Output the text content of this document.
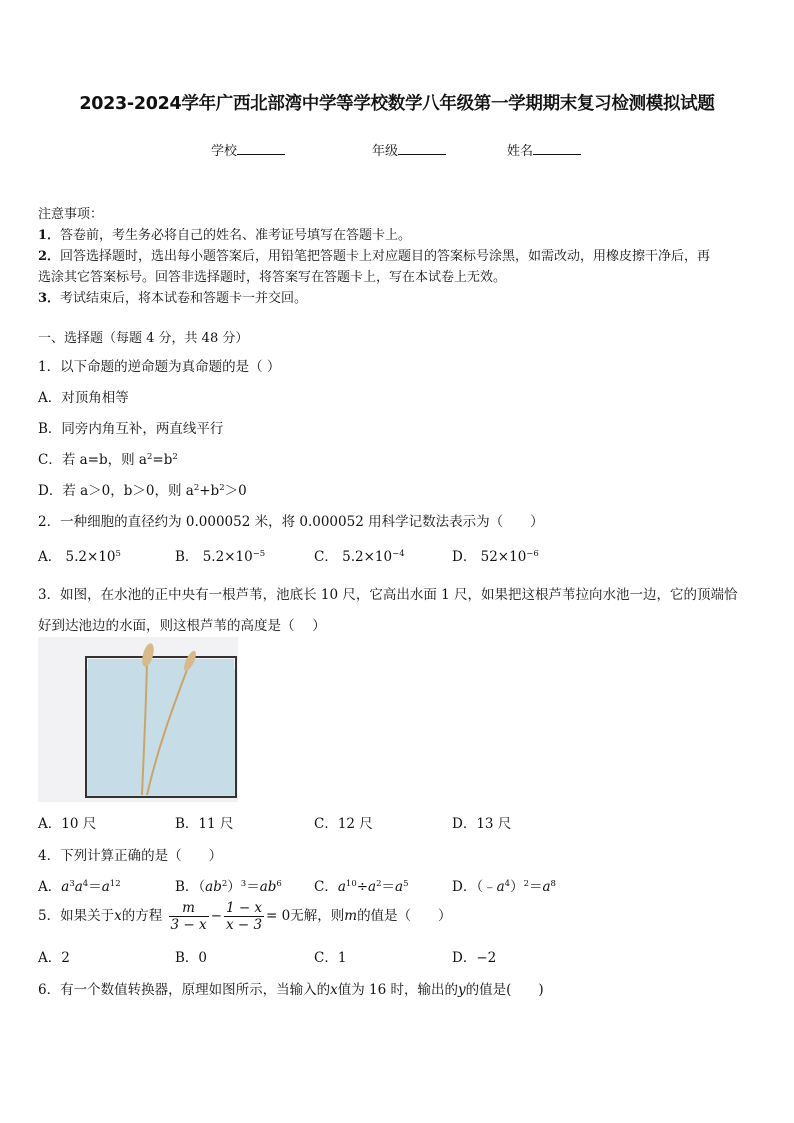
2023-2024学年广西北部湾中学等学校数学八年级第一学期期末复习检测模拟试题
学校	年级	姓名
注意事项：
1．答卷前，考生务必将自己的姓名、准考证号填写在答题卡上。
2．回答选择题时，选出每小题答案后，用铅笔把答题卡上对应题目的答案标号涂黑，如需改动，用橡皮擦干净后，再
选涂其它答案标号。回答非选择题时，将答案写在答题卡上，写在本试卷上无效。
3．考试结束后，将本试卷和答题卡一并交回。
一、选择题（每题 4 分，共 48 分）
1．以下命题的逆命题为真命题的是（ ）
A．对顶角相等
B．同旁内角互补，两直线平行
C．若 a=b，则 $a^2=b^2$
D．若 a＞0，b＞0，则 $a^2+b^2>0$
2．一种细胞的直径约为 0.000052 米，将 0.000052 用科学记数法表示为（　　）
A． $5.2\times 10^5$	B． $5.2\times 10^{-5}$	C． $5.2\times 10^{-4}$	D． $52\times 10^{-6}$
3．如图，在水池的正中央有一根芦苇，池底长 10 尺，它高出水面 1 尺，如果把这根芦苇拉向水池一边，它的顶端恰
好到达池边的水面，则这根芦苇的高度是（　 ）
A．10 尺	B．11 尺	C．12 尺	D．13 尺
4．下列计算正确的是（　　）
A．$a^3a^4=a^{12}$	B．$(ab^2)^3=ab^6$ C．$a^{10}\div a^2=a^5$	D．$(﹣a^4)^2=a^8$
5．如果关于x的方程 $\frac{m}{3 - x} - \frac{1 - x}{x - 3} = 0$无解，则m的值是（　　）
A．2	B．0	C．1	D．−2
6．有一个数值转换器，原理如图所示，当输入的x值为 16 时，输出的y的值是(　　)
